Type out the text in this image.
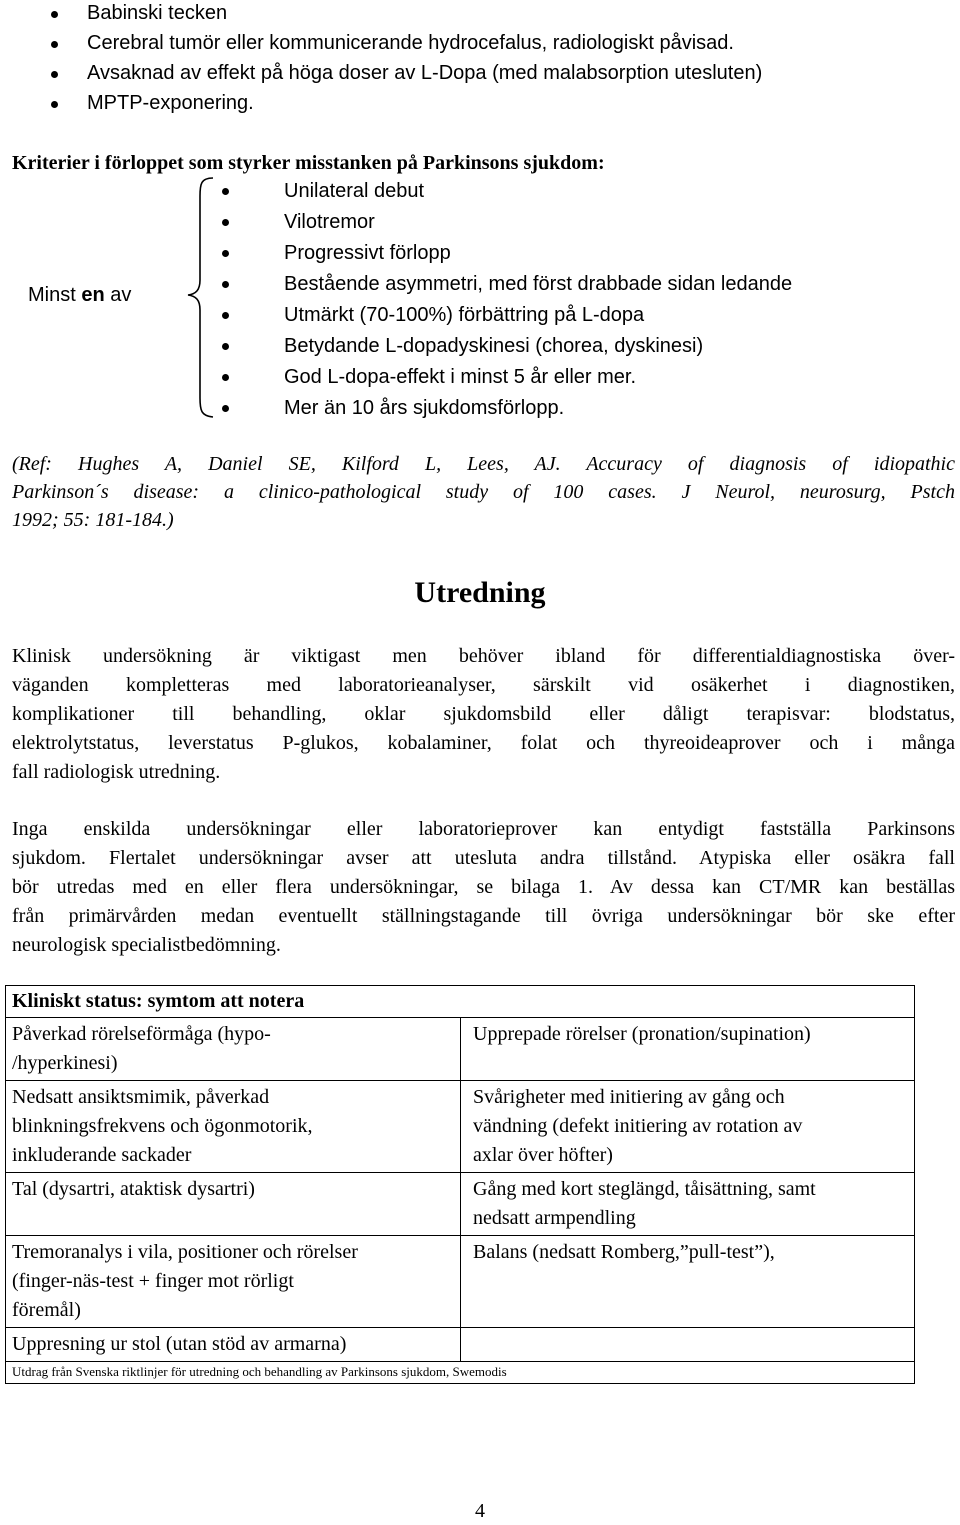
Babinski tecken
Cerebral tumör eller kommunicerande hydrocefalus, radiologiskt påvisad.
Avsaknad av effekt på höga doser av L-Dopa (med malabsorption utesluten)
MPTP-exponering.
Kriterier i förloppet som styrker misstanken på Parkinsons sjukdom:
Minst en av
Unilateral debut
Vilotremor
Progressivt förlopp
Bestående asymmetri, med först drabbade sidan ledande
Utmärkt (70-100%) förbättring på L-dopa
Betydande L-dopadyskinesi (chorea, dyskinesi)
God L-dopa-effekt i minst 5 år eller mer.
Mer än 10 års sjukdomsförlopp.
(Ref: Hughes A, Daniel SE, Kilford L, Lees, AJ. Accuracy of diagnosis of idiopathic
Parkinson´s disease: a clinico-pathological study of 100 cases. J Neurol, neurosurg, Pstch
1992; 55: 181-184.)
Utredning
Klinisk undersökning är viktigast men behöver ibland för differentialdiagnostiska över-
väganden kompletteras med laboratorieanalyser, särskilt vid osäkerhet i diagnostiken,
komplikationer till behandling, oklar sjukdomsbild eller dåligt terapisvar: blodstatus,
elektrolytstatus, leverstatus P-glukos, kobalaminer, folat och thyreoideaprover och i många
fall radiologisk utredning.
Inga enskilda undersökningar eller laboratorieprover kan entydigt fastställa Parkinsons
sjukdom. Flertalet undersökningar avser att utesluta andra tillstånd. Atypiska eller osäkra fall
bör utredas med en eller flera undersökningar, se bilaga 1. Av dessa kan CT/MR kan beställas
från primärvården medan eventuellt ställningstagande till övriga undersökningar bör ske efter
neurologisk specialistbedömning.
Kliniskt status: symtom att notera	
Påverkad rörelseförmåga (hypo-
/hyperkinesi)	Upprepade rörelser (pronation/supination)
Nedsatt ansiktsmimik, påverkad
blinkningsfrekvens och ögonmotorik,
inkluderande sackader	Svårigheter med initiering av gång och
vändning (defekt initiering av rotation av
axlar över höfter)
Tal (dysartri, ataktisk dysartri)	Gång med kort steglängd, tåisättning, samt
nedsatt armpendling
Tremoranalys i vila, positioner och rörelser
(finger-näs-test + finger mot rörligt
föremål)	Balans (nedsatt Romberg,”pull-test”),
Uppresning ur stol (utan stöd av armarna)	
Utdrag från Svenska riktlinjer för utredning och behandling av Parkinsons sjukdom, Swemodis	
4
